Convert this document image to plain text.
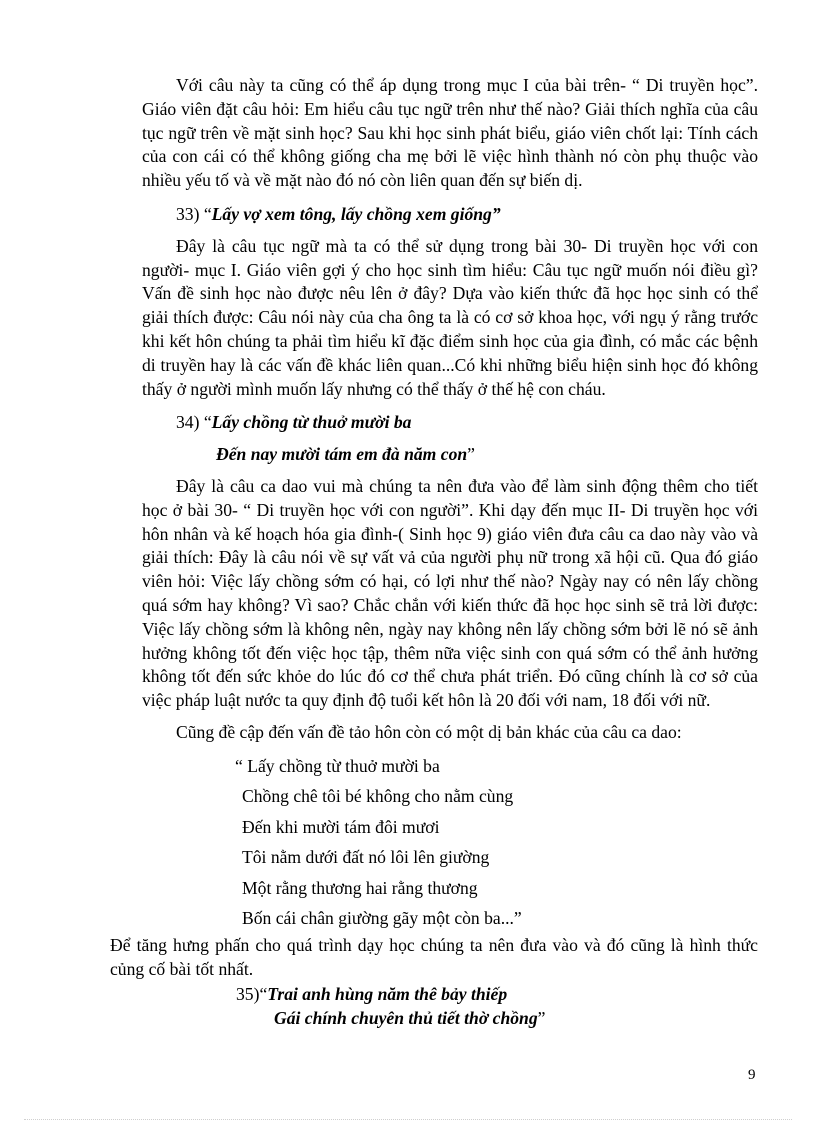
Với câu này ta cũng có thể áp dụng trong mục I của bài trên- “ Di truyền học”. Giáo viên đặt câu hỏi: Em hiểu câu tục ngữ trên như thế nào? Giải thích nghĩa của câu tục ngữ trên về mặt sinh học? Sau khi học sinh phát biểu, giáo viên chốt lại: Tính cách của con cái có thể không giống cha mẹ bởi lẽ việc hình thành nó còn phụ thuộc vào nhiều yếu tố và về mặt nào đó nó còn liên quan đến sự biến dị.

33) “Lấy vợ xem tông, lấy chồng xem giống”

Đây là câu tục ngữ mà ta có thể sử dụng trong bài 30- Di truyền học với con người- mục I. Giáo viên gợi ý cho học sinh tìm hiểu: Câu tục ngữ muốn nói điều gì? Vấn đề sinh học nào được nêu lên ở đây? Dựa vào kiến thức đã học học sinh có thể giải thích được: Câu nói này của cha ông ta là có cơ sở khoa học, với ngụ ý rằng trước khi kết hôn chúng ta phải tìm hiểu kĩ đặc điểm sinh học của gia đình, có mắc các bệnh di truyền hay là các vấn đề khác liên quan...Có khi những biểu hiện sinh học đó không thấy ở người mình muốn lấy nhưng có thể thấy ở thế hệ con cháu.

34) “Lấy chồng từ thuở mười ba

Đến nay mười tám em đà năm con”

Đây là câu ca dao vui mà chúng ta nên đưa vào để làm sinh động thêm cho tiết học ở bài 30- “ Di truyền học với con người”. Khi dạy đến mục II- Di truyền học với hôn nhân và kế hoạch hóa gia đình-( Sinh học 9) giáo viên đưa câu ca dao này vào và giải thích: Đây là câu nói về sự vất vả của người phụ nữ trong xã hội cũ. Qua đó giáo viên hỏi: Việc lấy chồng sớm có hại, có lợi như thế nào? Ngày nay có nên lấy chồng quá sớm hay không? Vì sao? Chắc chắn với kiến thức đã học học sinh sẽ trả lời được: Việc lấy chồng sớm là không nên, ngày nay không nên lấy chồng sớm bởi lẽ nó sẽ ảnh hưởng không tốt đến việc học tập, thêm nữa việc sinh con quá sớm có thể ảnh hưởng không tốt đến sức khỏe do lúc đó cơ thể chưa phát triển. Đó cũng chính là cơ sở của việc pháp luật nước ta quy định độ tuổi kết hôn là 20 đối với nam, 18 đối với nữ.

Cũng đề cập đến vấn đề tảo hôn còn có một dị bản khác của câu ca dao:

“ Lấy chồng từ thuở mười ba
Chồng chê tôi bé không cho nằm cùng
Đến khi mười tám đôi mươi
Tôi nằm dưới đất nó lôi lên giường
Một rằng thương hai rằng thương
Bốn cái chân giường gãy một còn ba...”

Để tăng hưng phấn cho quá trình dạy học chúng ta nên đưa vào và đó cũng là hình thức củng cố bài tốt nhất.

35)“Trai anh hùng năm thê bảy thiếp

Gái chính chuyên thủ tiết thờ chồng”

9
